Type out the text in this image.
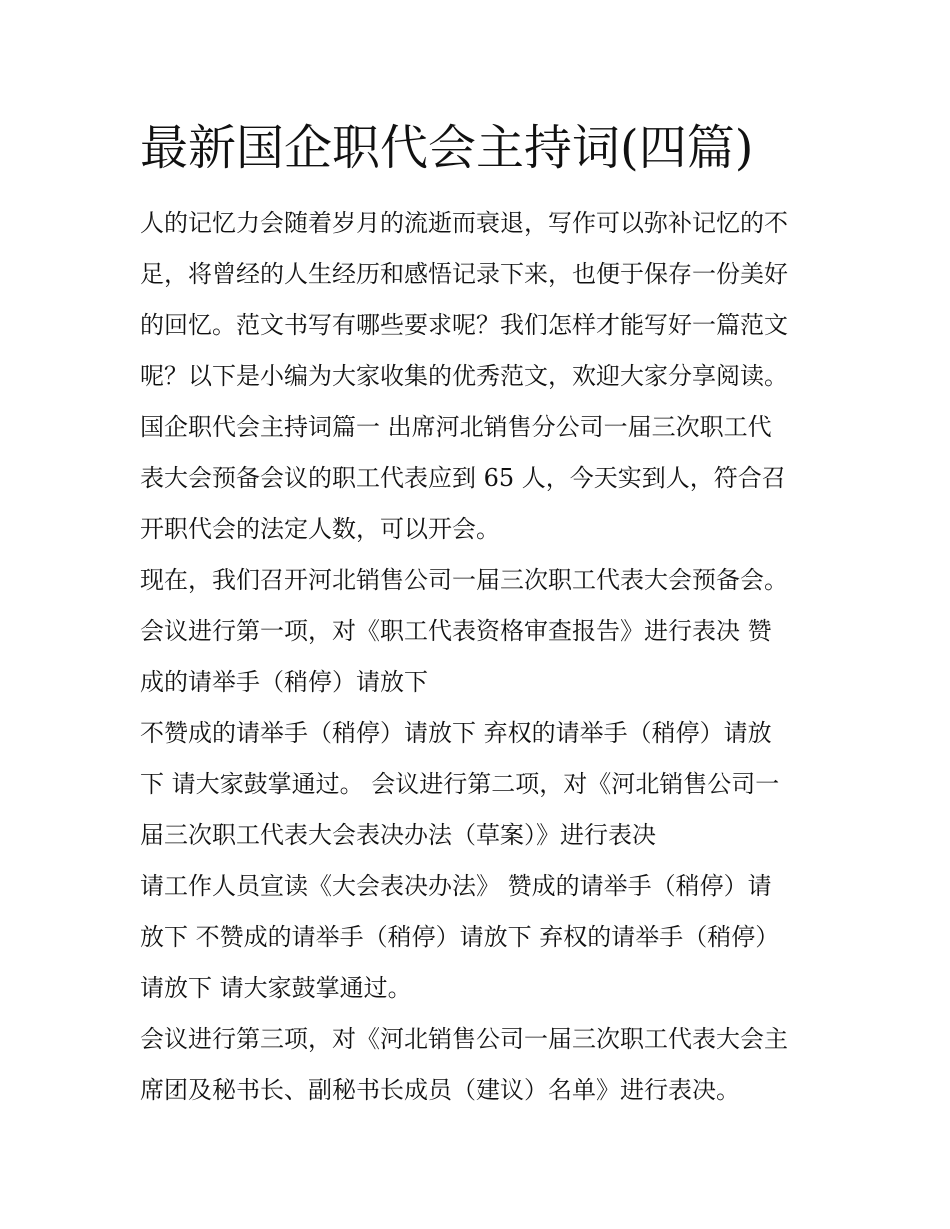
最新国企职代会主持词(四篇)
人的记忆力会随着岁月的流逝而衰退，写作可以弥补记忆的不
足，将曾经的人生经历和感悟记录下来，也便于保存一份美好
的回忆。范文书写有哪些要求呢？我们怎样才能写好一篇范文
呢？以下是小编为大家收集的优秀范文，欢迎大家分享阅读。
国企职代会主持词篇一 出席河北销售分公司一届三次职工代
表大会预备会议的职工代表应到 65 人，今天实到人，符合召
开职代会的法定人数，可以开会。
现在，我们召开河北销售公司一届三次职工代表大会预备会。
会议进行第一项，对《职工代表资格审查报告》进行表决 赞
成的请举手（稍停）请放下
不赞成的请举手（稍停）请放下 弃权的请举手（稍停）请放
下 请大家鼓掌通过。 会议进行第二项，对《河北销售公司一
届三次职工代表大会表决办法（草案）》进行表决
请工作人员宣读《大会表决办法》 赞成的请举手（稍停）请
放下 不赞成的请举手（稍停）请放下 弃权的请举手（稍停）
请放下 请大家鼓掌通过。
会议进行第三项，对《河北销售公司一届三次职工代表大会主
席团及秘书长、副秘书长成员（建议）名单》进行表决。
